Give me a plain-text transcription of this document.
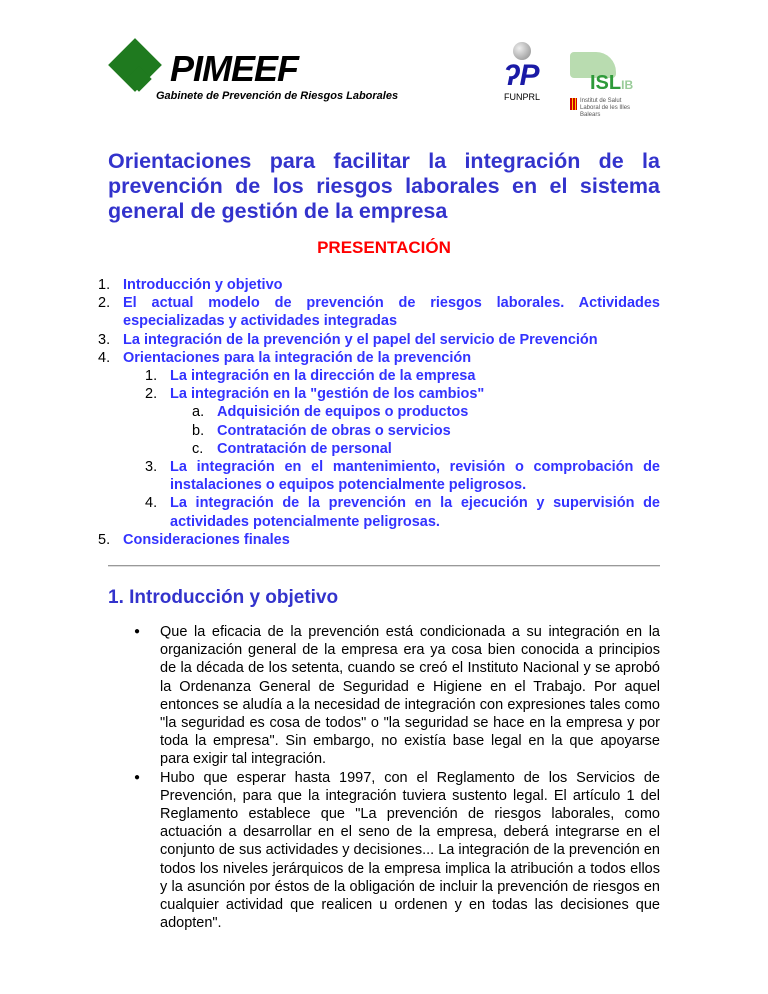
PIMEEF
Gabinete de Prevención de Riesgos Laborales
ʔP
FUNPRL
ISLIB
Institut de Salut Laboral de les Illes Balears
Orientaciones para facilitar la integración de la prevención de los riesgos laborales en el sistema general de gestión de la empresa
PRESENTACIÓN
1. Introducción y objetivo
2. El actual modelo de prevención de riesgos laborales. Actividades especializadas y actividades integradas
3. La integración de la prevención y el papel del servicio de Prevención
4. Orientaciones para la integración de la prevención
1. La integración en la dirección de la empresa
2. La integración en la "gestión de los cambios"
a. Adquisición de equipos o productos
b. Contratación de obras o servicios
c. Contratación de personal
3. La integración en el mantenimiento, revisión o comprobación de instalaciones o equipos potencialmente peligrosos.
4. La integración de la prevención en la ejecución y supervisión de actividades potencialmente peligrosas.
5. Consideraciones finales
1. Introducción y objetivo
●	Que la eficacia de la prevención está condicionada a su integración en la organización general de la empresa era ya cosa bien conocida a principios de la década de los setenta, cuando se creó el Instituto Nacional y se aprobó la Ordenanza General de Seguridad e Higiene en el Trabajo. Por aquel entonces se aludía a la necesidad de integración con expresiones tales como "la seguridad es cosa de todos" o "la seguridad se hace en la empresa y por toda la empresa". Sin embargo, no existía base legal en la que apoyarse para exigir tal integración.

●	Hubo que esperar hasta 1997, con el Reglamento de los Servicios de Prevención, para que la integración tuviera sustento legal. El artículo 1 del Reglamento establece que "La prevención de riesgos laborales, como actuación a desarrollar en el seno de la empresa, deberá integrarse en el conjunto de sus actividades y decisiones... La integración de la prevención en todos los niveles jerárquicos de la empresa implica la atribución a todos ellos y la asunción por éstos de la obligación de incluir la prevención de riesgos en cualquier actividad que realicen u ordenen y en todas las decisiones que adopten".
